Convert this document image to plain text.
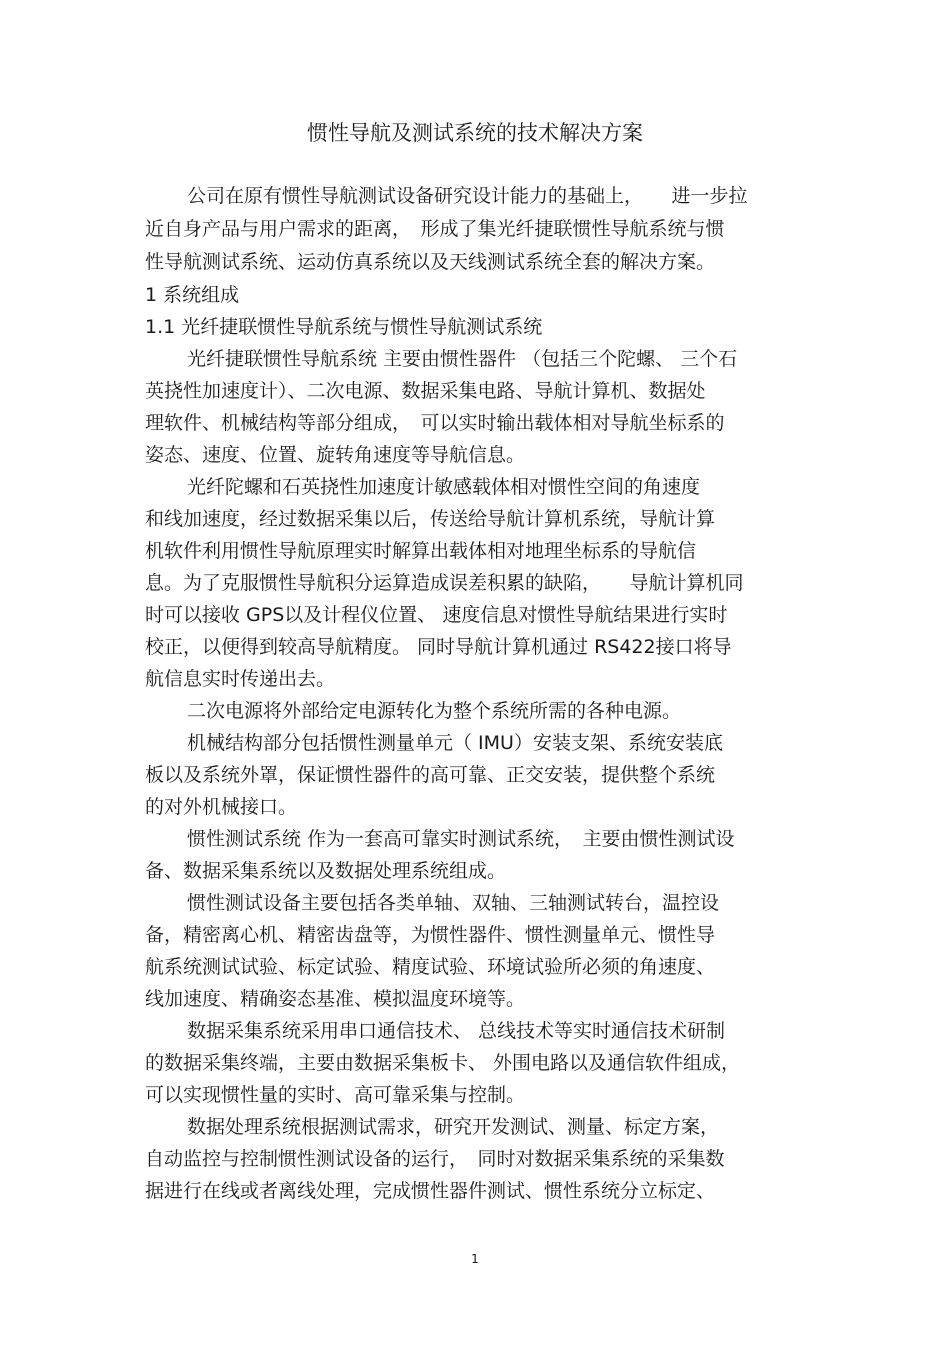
惯性导航及测试系统的技术解决方案
公司在原有惯性导航测试设备研究设计能力的基础上，　　进一步拉
近自身产品与用户需求的距离，　形成了集光纤捷联惯性导航系统与惯
性导航测试系统、运动仿真系统以及天线测试系统全套的解决方案。
1 系统组成
1.1 光纤捷联惯性导航系统与惯性导航测试系统
光纤捷联惯性导航系统 主要由惯性器件 （包括三个陀螺、 三个石
英挠性加速度计）、二次电源、数据采集电路、导航计算机、数据处
理软件、机械结构等部分组成，　可以实时输出载体相对导航坐标系的
姿态、速度、位置、旋转角速度等导航信息。
光纤陀螺和石英挠性加速度计敏感载体相对惯性空间的角速度
和线加速度，经过数据采集以后，传送给导航计算机系统，导航计算
机软件利用惯性导航原理实时解算出载体相对地理坐标系的导航信
息。为了克服惯性导航积分运算造成误差积累的缺陷，　　导航计算机同
时可以接收 GPS以及计程仪位置、 速度信息对惯性导航结果进行实时
校正，以便得到较高导航精度。 同时导航计算机通过 RS422接口将导
航信息实时传递出去。
二次电源将外部给定电源转化为整个系统所需的各种电源。
机械结构部分包括惯性测量单元（ IMU）安装支架、系统安装底
板以及系统外罩，保证惯性器件的高可靠、正交安装，提供整个系统
的对外机械接口。
惯性测试系统 作为一套高可靠实时测试系统，　主要由惯性测试设
备、数据采集系统以及数据处理系统组成。
惯性测试设备主要包括各类单轴、双轴、三轴测试转台，温控设
备，精密离心机、精密齿盘等，为惯性器件、惯性测量单元、惯性导
航系统测试试验、标定试验、精度试验、环境试验所必须的角速度、
线加速度、精确姿态基准、模拟温度环境等。
数据采集系统采用串口通信技术、 总线技术等实时通信技术研制
的数据采集终端，主要由数据采集板卡、 外围电路以及通信软件组成，
可以实现惯性量的实时、高可靠采集与控制。
数据处理系统根据测试需求，研究开发测试、测量、标定方案，
自动监控与控制惯性测试设备的运行，　同时对数据采集系统的采集数
据进行在线或者离线处理，完成惯性器件测试、惯性系统分立标定、
1
